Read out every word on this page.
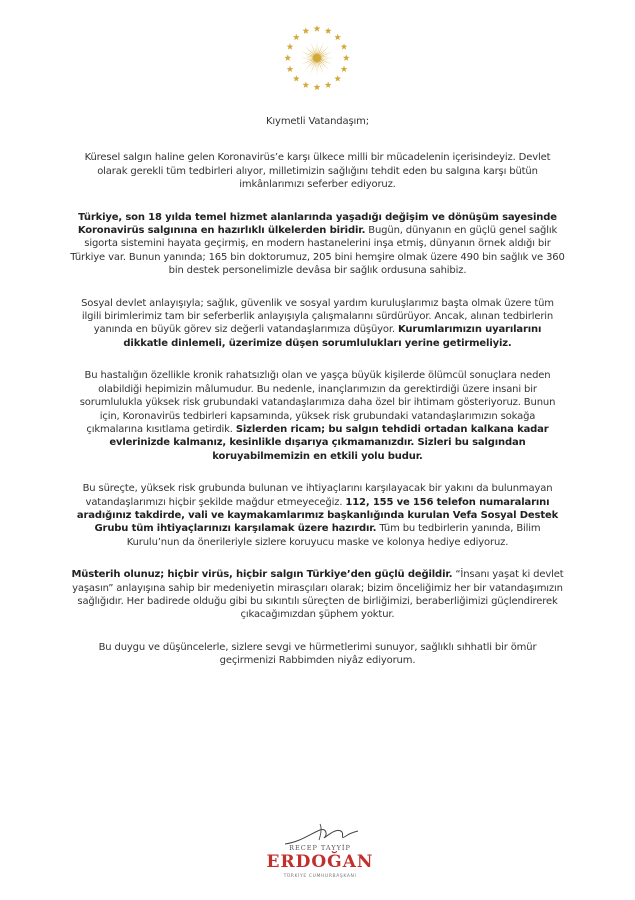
Kıymetli Vatandaşım;

Küresel salgın haline gelen Koronavirüs’e karşı ülkece milli bir mücadelenin içerisindeyiz. Devlet olarak gerekli tüm tedbirleri alıyor, milletimizin sağlığını tehdit eden bu salgına karşı bütün imkânlarımızı seferber ediyoruz.

Türkiye, son 18 yılda temel hizmet alanlarında yaşadığı değişim ve dönüşüm sayesinde Koronavirüs salgınına en hazırlıklı ülkelerden biridir. Bugün, dünyanın en güçlü genel sağlık sigorta sistemini hayata geçirmiş, en modern hastanelerini inşa etmiş, dünyanın örnek aldığı bir Türkiye var. Bunun yanında; 165 bin doktorumuz, 205 bini hemşire olmak üzere 490 bin sağlık ve 360 bin destek personelimizle devâsa bir sağlık ordusuna sahibiz.

Sosyal devlet anlayışıyla; sağlık, güvenlik ve sosyal yardım kuruluşlarımız başta olmak üzere tüm ilgili birimlerimiz tam bir seferberlik anlayışıyla çalışmalarını sürdürüyor. Ancak, alınan tedbirlerin yanında en büyük görev siz değerli vatandaşlarımıza düşüyor. Kurumlarımızın uyarılarını dikkatle dinlemeli, üzerimize düşen sorumlulukları yerine getirmeliyiz.

Bu hastalığın özellikle kronik rahatsızlığı olan ve yaşça büyük kişilerde ölümcül sonuçlara neden olabildiği hepimizin mâlumudur. Bu nedenle, inançlarımızın da gerektirdiği üzere insani bir sorumlulukla yüksek risk grubundaki vatandaşlarımıza daha özel bir ihtimam gösteriyoruz. Bunun için, Koronavirüs tedbirleri kapsamında, yüksek risk grubundaki vatandaşlarımızın sokağa çıkmalarına kısıtlama getirdik. Sizlerden ricam; bu salgın tehdidi ortadan kalkana kadar evlerinizde kalmanız, kesinlikle dışarıya çıkmamanızdır. Sizleri bu salgından koruyabilmemizin en etkili yolu budur.

Bu süreçte, yüksek risk grubunda bulunan ve ihtiyaçlarını karşılayacak bir yakını da bulunmayan vatandaşlarımızı hiçbir şekilde mağdur etmeyeceğiz. 112, 155 ve 156 telefon numaralarını aradığınız takdirde, vali ve kaymakamlarımız başkanlığında kurulan Vefa Sosyal Destek Grubu tüm ihtiyaçlarınızı karşılamak üzere hazırdır. Tüm bu tedbirlerin yanında, Bilim Kurulu’nun da önerileriyle sizlere koruyucu maske ve kolonya hediye ediyoruz.

Müsterih olunuz; hiçbir virüs, hiçbir salgın Türkiye’den güçlü değildir. “İnsanı yaşat ki devlet yaşasın” anlayışına sahip bir medeniyetin mirasçıları olarak; bizim önceliğimiz her bir vatandaşımızın sağlığıdır. Her badirede olduğu gibi bu sıkıntılı süreçten de birliğimizi, beraberliğimizi güçlendirerek çıkacağımızdan şüphem yoktur.

Bu duygu ve düşüncelerle, sizlere sevgi ve hürmetlerimi sunuyor, sağlıklı sıhhatli bir ömür geçirmenizi Rabbimden niyâz ediyorum.

RECEP TAYYİP
ERDOĞAN
TÜRKİYE CUMHURBAŞKANI
